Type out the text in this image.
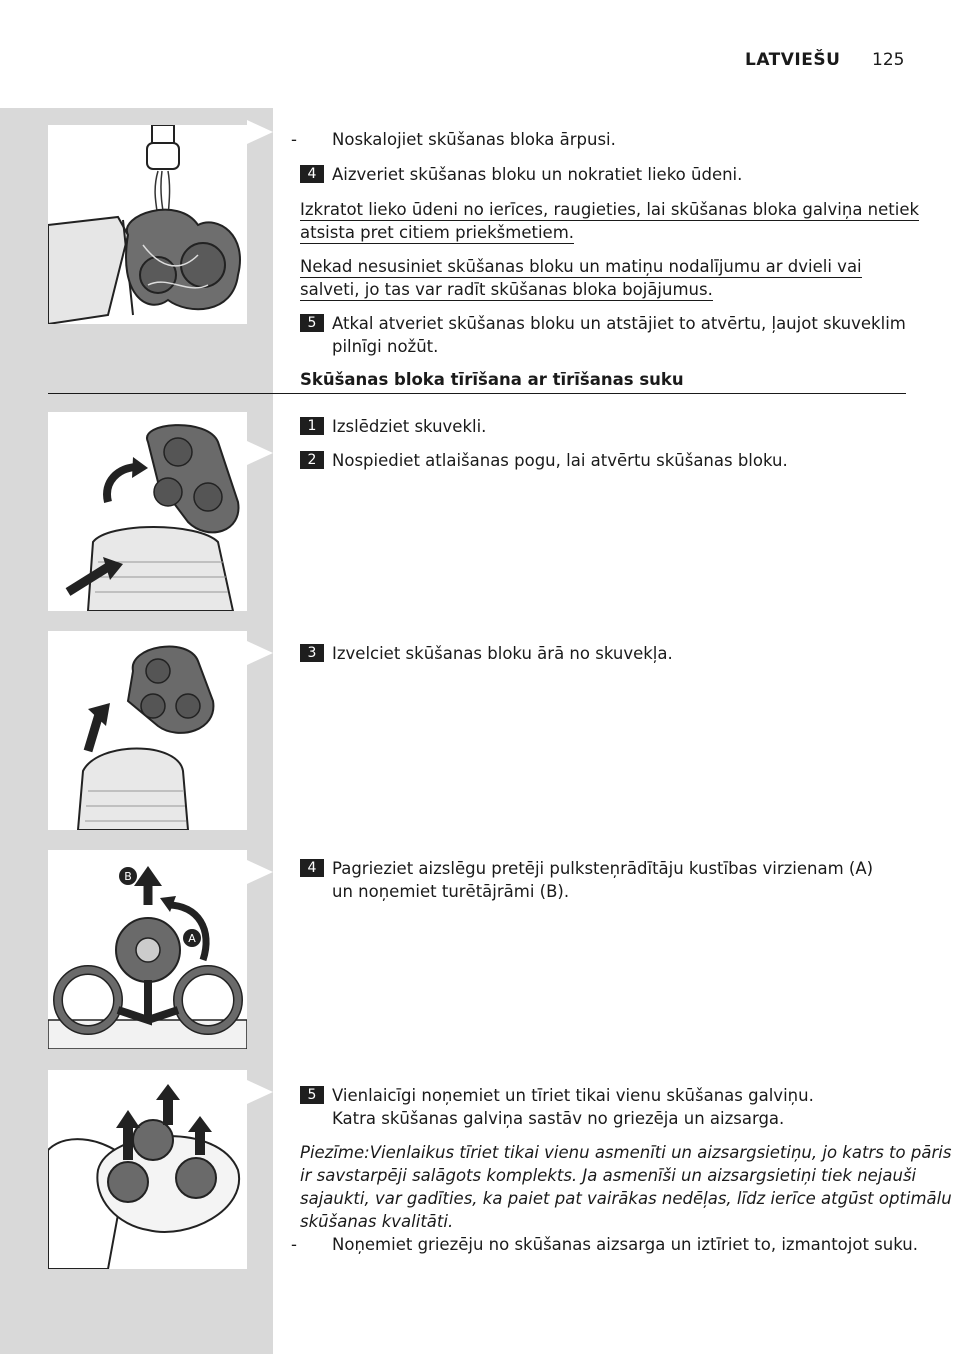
LATVIEŠU 125
B
A
- Noskalojiet skūšanas bloka ārpusi.
4 Aizveriet skūšanas bloku un nokratiet lieko ūdeni.
Izkratot lieko ūdeni no ierīces, raugieties, lai skūšanas bloka galviņa netiek
atsista pret citiem priekšmetiem.
Nekad nesusiniet skūšanas bloku un matiņu nodalījumu ar dvieli vai
salveti, jo tas var radīt skūšanas bloka bojājumus.
5 Atkal atveriet skūšanas bloku un atstājiet to atvērtu, ļaujot skuveklim
pilnīgi nožūt.
Skūšanas bloka tīrīšana ar tīrīšanas suku
1 Izslēdziet skuvekli.
2 Nospiediet atlaišanas pogu, lai atvērtu skūšanas bloku.
3 Izvelciet skūšanas bloku ārā no skuvekļa.
4 Pagrieziet aizslēgu pretēji pulksteņrādītāju kustības virzienam (A)
un noņemiet turētājrāmi (B).
5 Vienlaicīgi noņemiet un tīriet tikai vienu skūšanas galviņu.
Katra skūšanas galviņa sastāv no griezēja un aizsarga.
Piezīme:Vienlaikus tīriet tikai vienu asmenīti un aizsargsietiņu, jo katrs to pāris
ir savstarpēji salāgots komplekts. Ja asmenīši un aizsargsietiņi tiek nejauši
sajaukti, var gadīties, ka paiet pat vairākas nedēļas, līdz ierīce atgūst optimālu
skūšanas kvalitāti.
- Noņemiet griezēju no skūšanas aizsarga un iztīriet to, izmantojot suku.
